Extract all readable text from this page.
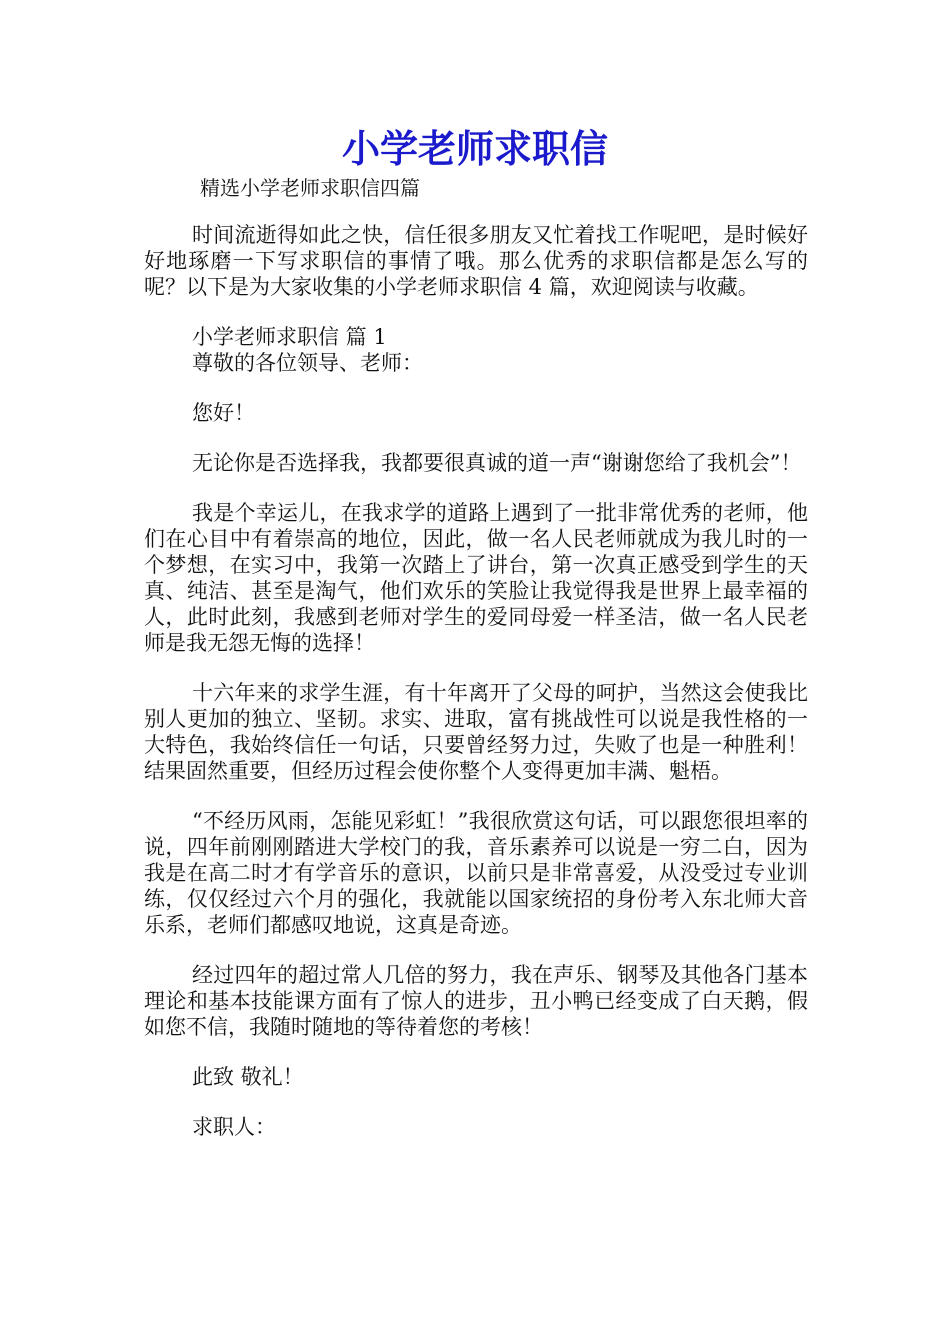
小学老师求职信
精选小学老师求职信四篇

时间流逝得如此之快，信任很多朋友又忙着找工作呢吧，是时候好好地琢磨一下写求职信的事情了哦。那么优秀的求职信都是怎么写的呢？以下是为大家收集的小学老师求职信 4 篇，欢迎阅读与收藏。

小学老师求职信 篇 1

尊敬的各位领导、老师：

您好！

无论你是否选择我，我都要很真诚的道一声“谢谢您给了我机会”！

我是个幸运儿，在我求学的道路上遇到了一批非常优秀的老师，他们在心目中有着崇高的地位，因此，做一名人民老师就成为我儿时的一个梦想，在实习中，我第一次踏上了讲台，第一次真正感受到学生的天真、纯洁、甚至是淘气，他们欢乐的笑脸让我觉得我是世界上最幸福的人，此时此刻，我感到老师对学生的爱同母爱一样圣洁，做一名人民老师是我无怨无悔的选择！

十六年来的求学生涯，有十年离开了父母的呵护，当然这会使我比别人更加的独立、坚韧。求实、进取，富有挑战性可以说是我性格的一大特色，我始终信任一句话，只要曾经努力过，失败了也是一种胜利！结果固然重要，但经历过程会使你整个人变得更加丰满、魁梧。

“不经历风雨，怎能见彩虹！”我很欣赏这句话，可以跟您很坦率的说，四年前刚刚踏进大学校门的我，音乐素养可以说是一穷二白，因为我是在高二时才有学音乐的意识，以前只是非常喜爱，从没受过专业训练，仅仅经过六个月的强化，我就能以国家统招的身份考入东北师大音乐系，老师们都感叹地说，这真是奇迹。

经过四年的超过常人几倍的努力，我在声乐、钢琴及其他各门基本理论和基本技能课方面有了惊人的进步，丑小鸭已经变成了白天鹅，假如您不信，我随时随地的等待着您的考核！

此致 敬礼！

求职人：
